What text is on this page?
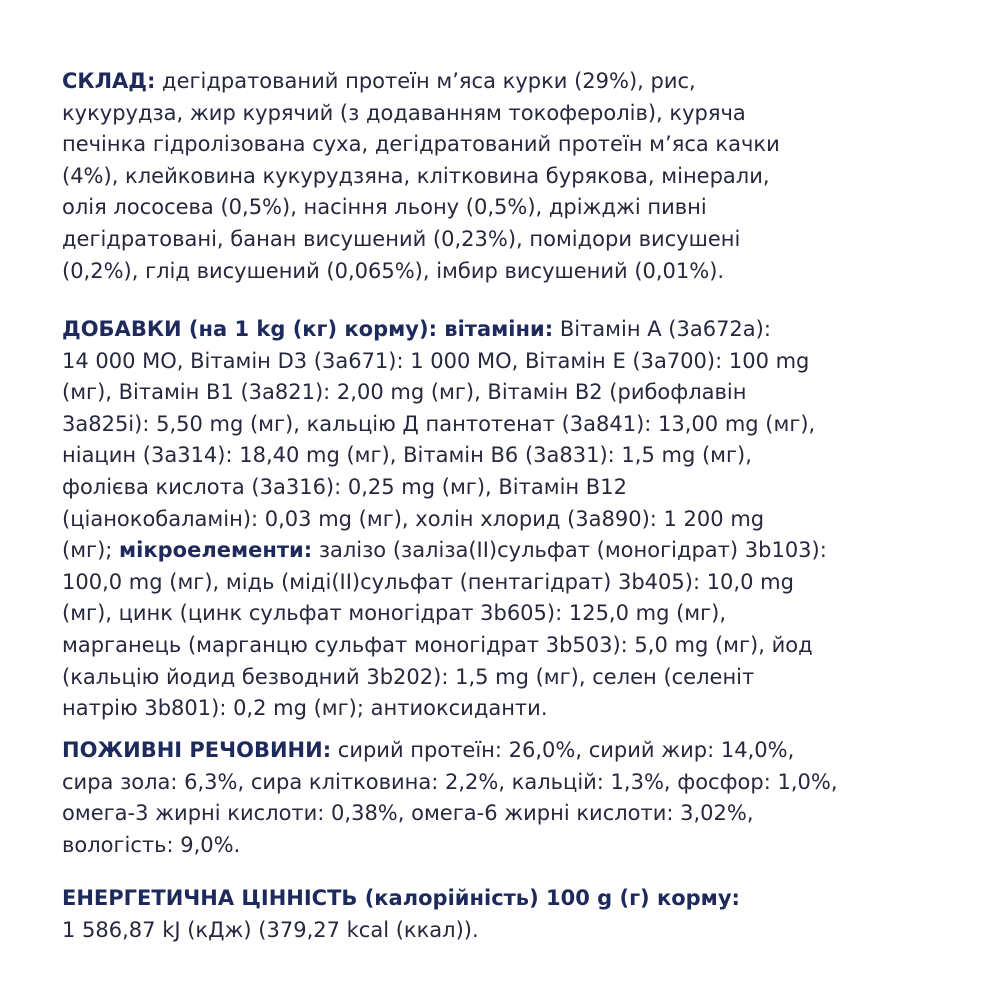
СКЛАД: дегідратований протеїн м’яса курки (29%), рис,
кукурудза, жир курячий (з додаванням токоферолів), куряча
печінка гідролізована суха, дегідратований протеїн м’яса качки
(4%), клейковина кукурудзяна, клітковина бурякова, мінерали,
олія лососева (0,5%), насіння льону (0,5%), дріжджі пивні
дегідратовані, банан висушений (0,23%), помідори висушені
(0,2%), глід висушений (0,065%), імбир висушений (0,01%).
ДОБАВКИ (на 1 kg (кг) корму): вітаміни: Вітамін А (3а672а):
14 000 МО, Вітамін D3 (3а671): 1 000 МО, Вітамін Е (3а700): 100 mg
(мг), Вітамін В1 (3а821): 2,00 mg (мг), Вітамін В2 (рибофлавін
3а825і): 5,50 mg (мг), кальцію Д пантотенат (3а841): 13,00 mg (мг),
ніацин (3а314): 18,40 mg (мг), Вітамін В6 (3а831): 1,5 mg (мг),
фолієва кислота (3а316): 0,25 mg (мг), Вітамін В12
(ціанокобаламін): 0,03 mg (мг), холін хлорид (3а890): 1 200 mg
(мг); мікроелементи: залізо (заліза(II)сульфат (моногідрат) 3b103):
100,0 mg (мг), мідь (міді(II)сульфат (пентагідрат) 3b405): 10,0 mg
(мг), цинк (цинк сульфат моногідрат 3b605): 125,0 mg (мг),
марганець (марганцю сульфат моногідрат 3b503): 5,0 mg (мг), йод
(кальцію йодид безводний 3b202): 1,5 mg (мг), селен (селеніт
натрію 3b801): 0,2 mg (мг); антиоксиданти.
ПОЖИВНІ РЕЧОВИНИ: сирий протеїн: 26,0%, сирий жир: 14,0%,
сира зола: 6,3%, сира клітковина: 2,2%, кальцій: 1,3%, фосфор: 1,0%,
омега-3 жирні кислоти: 0,38%, омега-6 жирні кислоти: 3,02%,
вологість: 9,0%.
ЕНЕРГЕТИЧНА ЦІННІСТЬ (калорійність) 100 g (г) корму:
1 586,87 kJ (кДж) (379,27 kcal (ккал)).
